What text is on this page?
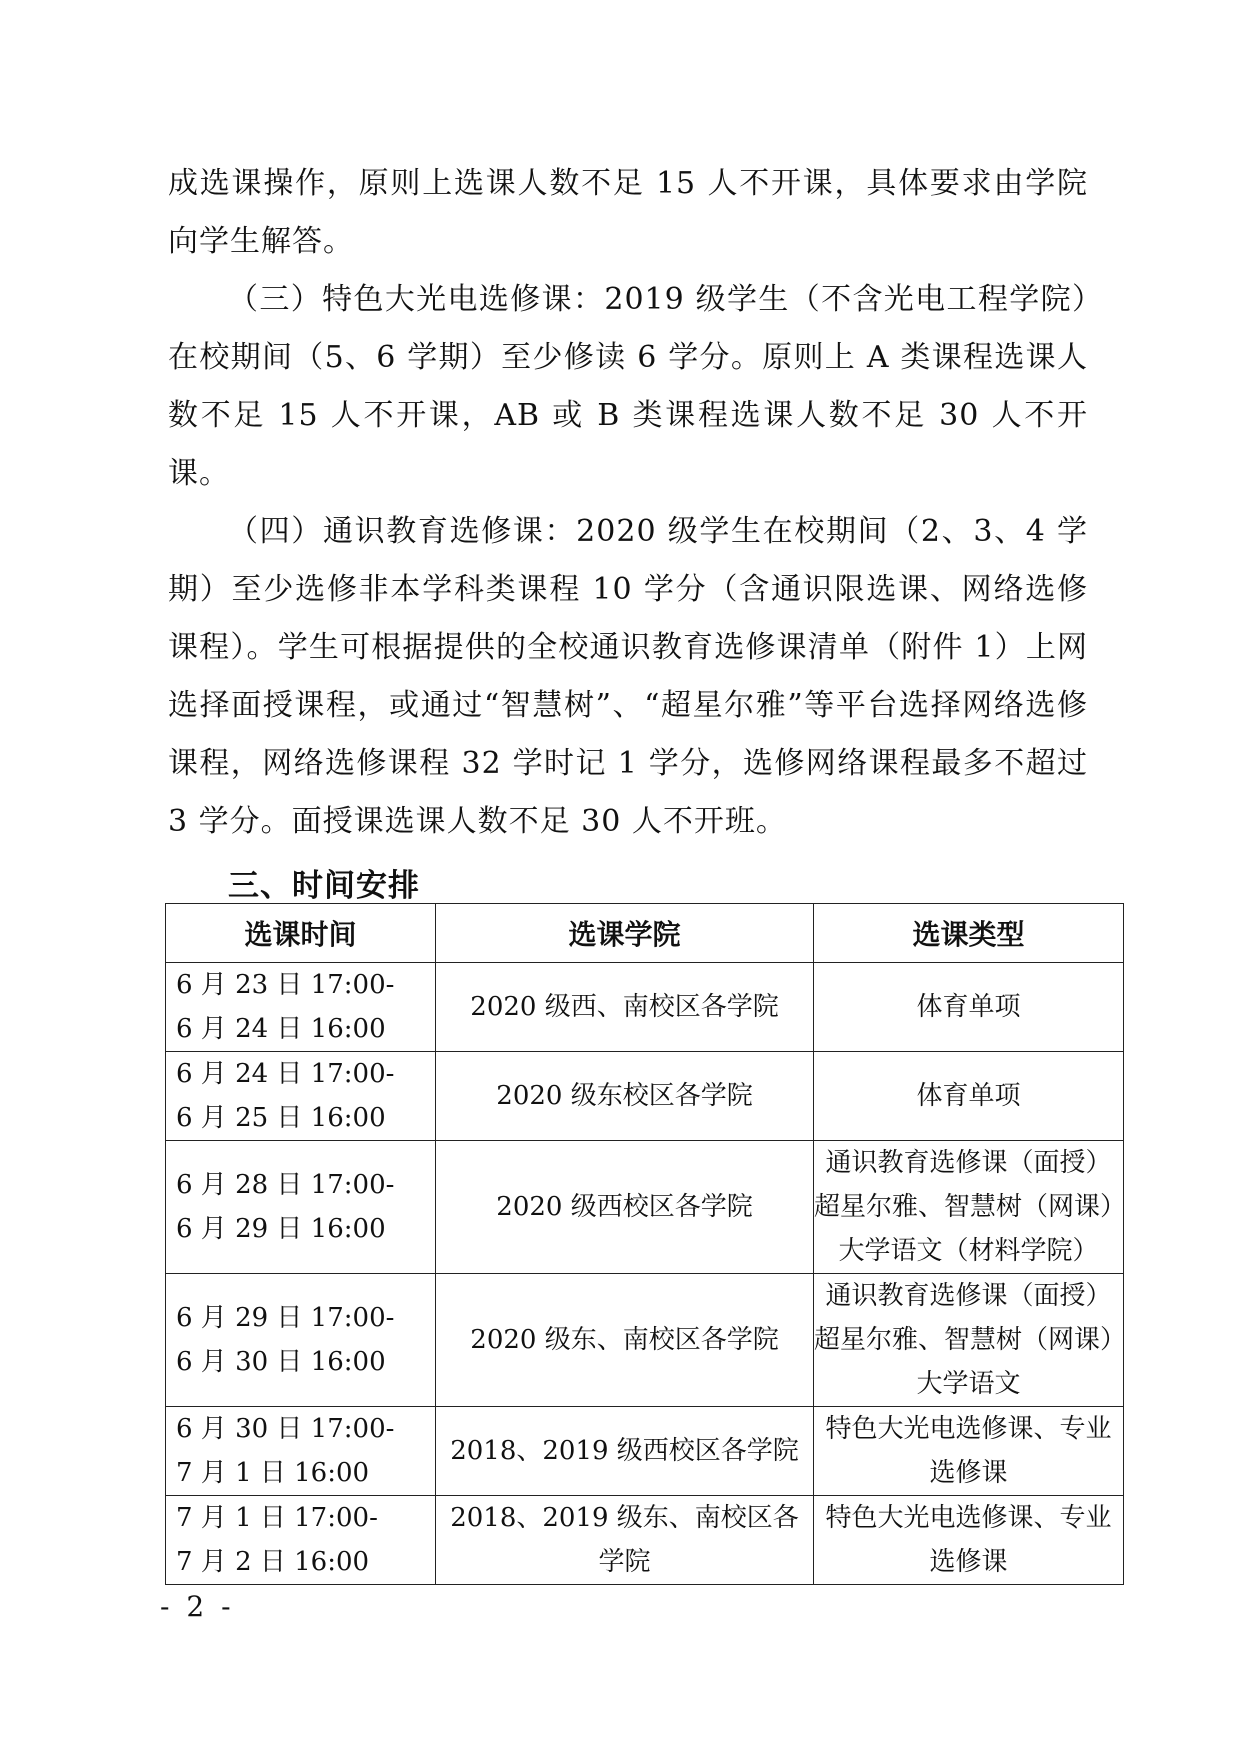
成选课操作，原则上选课人数不足 15 人不开课，具体要求由学院向学生解答。

（三）特色大光电选修课：2019 级学生（不含光电工程学院）在校期间（5、6 学期）至少修读 6 学分。原则上 A 类课程选课人数不足 15 人不开课，AB 或 B 类课程选课人数不足 30 人不开课。

（四）通识教育选修课：2020 级学生在校期间（2、3、4 学期）至少选修非本学科类课程 10 学分（含通识限选课、网络选修课程）。学生可根据提供的全校通识教育选修课清单（附件 1）上网选择面授课程，或通过“智慧树”、“超星尔雅”等平台选择网络选修课程，网络选修课程 32 学时记 1 学分，选修网络课程最多不超过 3 学分。面授课选课人数不足 30 人不开班。

三、时间安排
选课时间	选课学院	选课类型

6 月 23 日 17:00-
6 月 24 日 16:00	2020 级西、南校区各学院	体育单项

6 月 24 日 17:00-
6 月 25 日 16:00	2020 级东校区各学院	体育单项

6 月 28 日 17:00-
6 月 29 日 16:00	2020 级西校区各学院	通识教育选修课（面授）
超星尔雅、智慧树（网课）
大学语文（材料学院）

6 月 29 日 17:00-
6 月 30 日 16:00	2020 级东、南校区各学院	通识教育选修课（面授）
超星尔雅、智慧树（网课）
大学语文

6 月 30 日 17:00-
7 月 1 日 16:00	2018、2019 级西校区各学院	特色大光电选修课、专业
选修课

7 月 1 日 17:00-
7 月 2 日 16:00	2018、2019 级东、南校区各
学院	特色大光电选修课、专业
选修课
- 2 -
